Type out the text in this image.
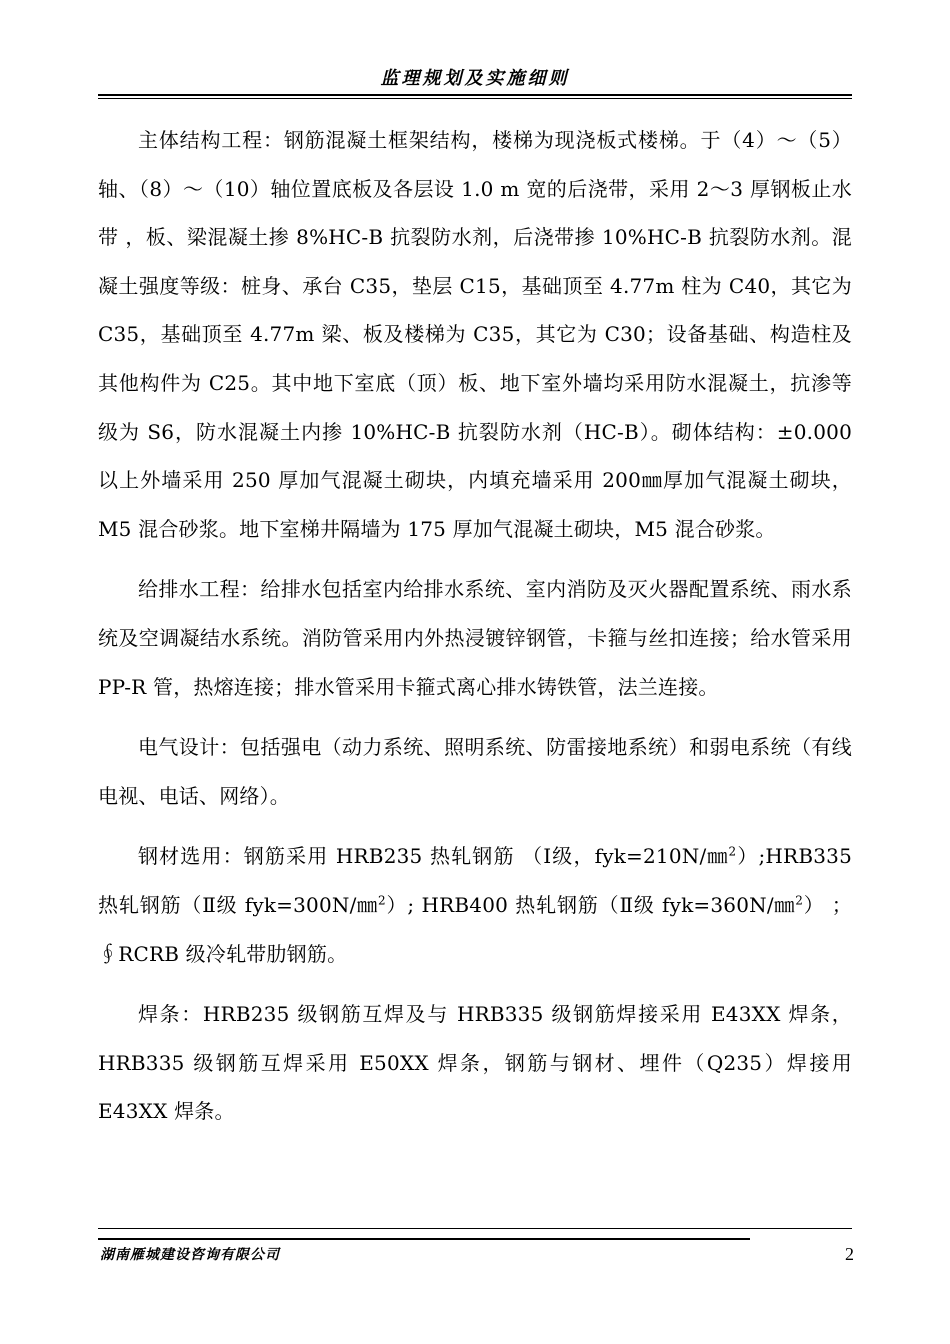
监理规划及实施细则

主体结构工程：钢筋混凝土框架结构，楼梯为现浇板式楼梯。于（4）～（5）轴、（8）～（10）轴位置底板及各层设 1.0 m 宽的后浇带，采用 2～3 厚钢板止水带 ，板、梁混凝土掺 8%HC-B 抗裂防水剂，后浇带掺 10%HC-B 抗裂防水剂。混凝土强度等级：桩身、承台 C35，垫层 C15，基础顶至 4.77m 柱为 C40，其它为 C35，基础顶至 4.77m 梁、板及楼梯为 C35，其它为 C30；设备基础、构造柱及其他构件为 C25。其中地下室底（顶）板、地下室外墙均采用防水混凝土，抗渗等级为 S6，防水混凝土内掺 10%HC-B 抗裂防水剂（HC-B）。砌体结构：±0.000 以上外墙采用 250 厚加气混凝土砌块，内填充墙采用 200㎜厚加气混凝土砌块，M5 混合砂浆。地下室梯井隔墙为 175 厚加气混凝土砌块，M5 混合砂浆。

给排水工程：给排水包括室内给排水系统、室内消防及灭火器配置系统、雨水系统及空调凝结水系统。消防管采用内外热浸镀锌钢管，卡箍与丝扣连接；给水管采用 PP-R 管，热熔连接；排水管采用卡箍式离心排水铸铁管，法兰连接。

电气设计：包括强电（动力系统、照明系统、防雷接地系统）和弱电系统（有线电视、电话、网络）。

钢材选用：钢筋采用 HRB235 热轧钢筋 （Ⅰ级，fyk=210N/㎜$^2$）;HRB335 热轧钢筋（Ⅱ级 fyk=300N/㎜$^2$）; HRB400 热轧钢筋（Ⅱ级 fyk=360N/㎜$^2$） ； ∮RCRB 级冷轧带肋钢筋。

焊条：HRB235 级钢筋互焊及与 HRB335 级钢筋焊接采用 E43XX 焊条，HRB335 级钢筋互焊采用 E50XX 焊条，钢筋与钢材、埋件（Q235）焊接用 E43XX 焊条。

湖南雁城建设咨询有限公司	2
